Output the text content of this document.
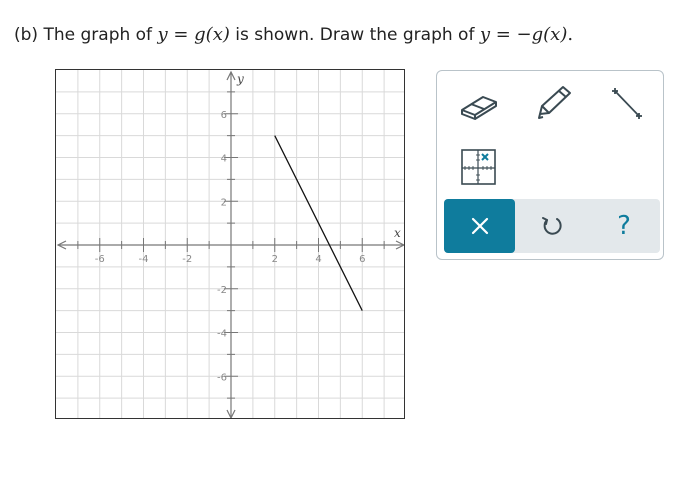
(b) The graph of y = g(x) is shown. Draw the graph of y = −g(x).
-6	-4	-2	2	4	6
6
4
2
-2
-4
-6
x
y
?
